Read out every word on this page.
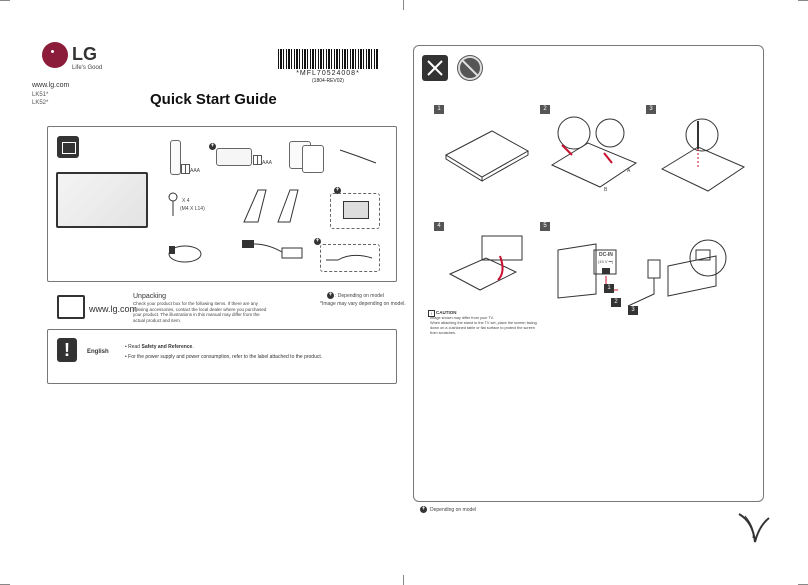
LG
Life's Good
www.lg.com
LK51*
LK52*
*MFL70524008*
(1804-REV02)
Quick Start Guide
AAA
+
AAA
X 4
(M4 X L14)
+
+
www.lg.com
Unpacking
Check your product box for the following items. If there are any missing accessories, contact the local dealer where you purchased your product. The illustrations in this manual may differ from the actual product and item.
+ : Depending on model
*Image may vary depending on model.
!	English
• Read Safety and Reference.
• For the power supply and power consumption, refer to the label attached to the product.
1	2	3
4	5
A
B
! CAUTION
Image shown may differ from your TV.
When attaching the stand to the TV set, place the screen facing down on a cushioned table or flat surface to protect the screen from scratches.
DC-IN
(19 V ⎓)
1
2
3
+ Depending on model
